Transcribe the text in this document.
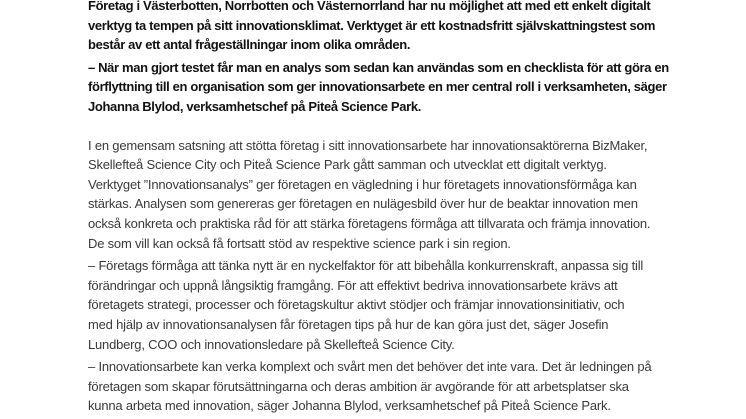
Företag i Västerbotten, Norrbotten och Västernorrland har nu möjlighet att med ett enkelt digitalt
verktyg ta tempen på sitt innovationsklimat. Verktyget är ett kostnadsfritt självskattningstest som
består av ett antal frågeställningar inom olika områden.

– När man gjort testet får man en analys som sedan kan användas som en checklista för att göra en
förflyttning till en organisation som ger innovationsarbete en mer central roll i verksamheten, säger
Johanna Blylod, verksamhetschef på Piteå Science Park.

I en gemensam satsning att stötta företag i sitt innovationsarbete har innovationsaktörerna BizMaker,
Skellefteå Science City och Piteå Science Park gått samman och utvecklat ett digitalt verktyg.
Verktyget ”Innovationsanalys” ger företagen en vägledning i hur företagets innovationsförmåga kan
stärkas. Analysen som genereras ger företagen en nulägesbild över hur de beaktar innovation men
också konkreta och praktiska råd för att stärka företagens förmåga att tillvarata och främja innovation.
De som vill kan också få fortsatt stöd av respektive science park i sin region.

– Företags förmåga att tänka nytt är en nyckelfaktor för att bibehålla konkurrenskraft, anpassa sig till
förändringar och uppnå långsiktig framgång. För att effektivt bedriva innovationsarbete krävs att
företagets strategi, processer och företagskultur aktivt stödjer och främjar innovationsinitiativ, och
med hjälp av innovationsanalysen får företagen tips på hur de kan göra just det, säger Josefin
Lundberg, COO och innovationsledare på Skellefteå Science City.

– Innovationsarbete kan verka komplext och svårt men det behöver det inte vara. Det är ledningen på
företagen som skapar förutsättningarna och deras ambition är avgörande för att arbetsplatser ska
kunna arbeta med innovation, säger Johanna Blylod, verksamhetschef på Piteå Science Park.
